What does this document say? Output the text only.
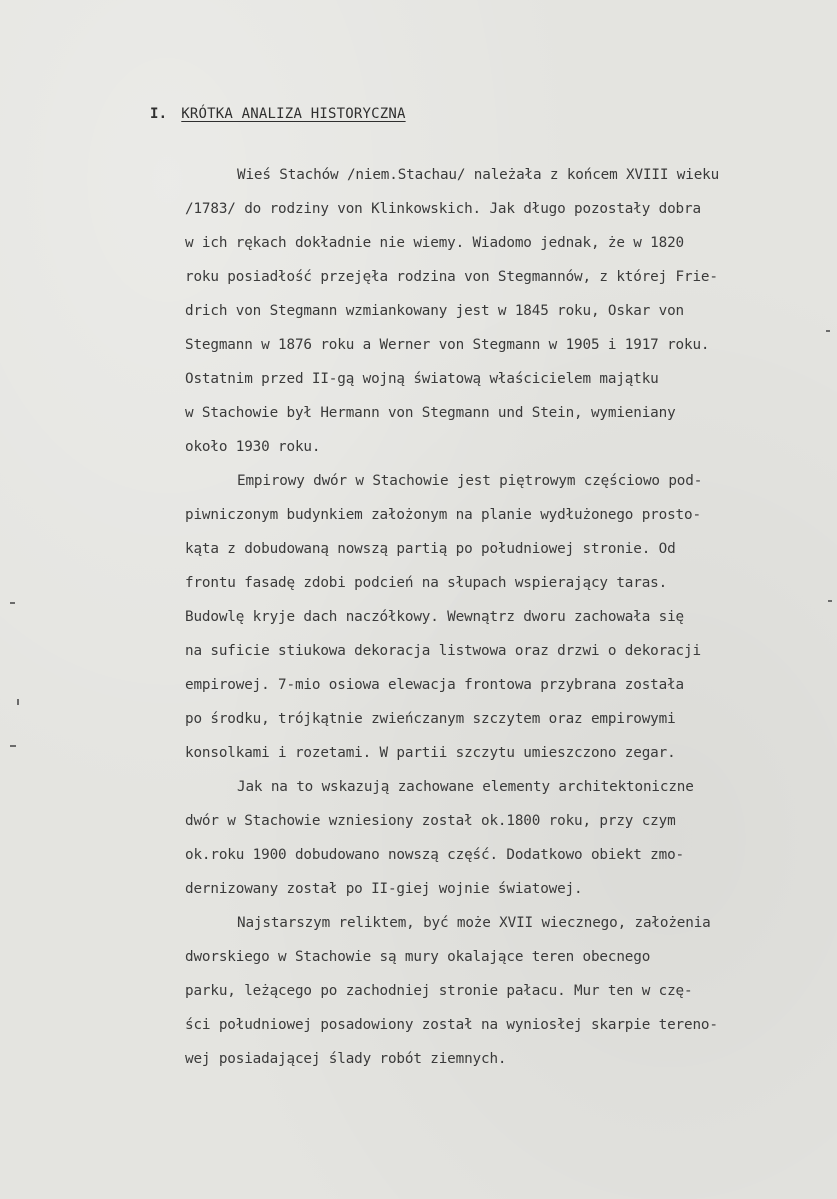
I. KRÓTKA ANALIZA HISTORYCZNA
Wieś Stachów /niem.Stachau/ należała z końcem XVIII wieku
/1783/ do rodziny von Klinkowskich. Jak długo pozostały dobra
w ich rękach dokładnie nie wiemy. Wiadomo jednak, że w 1820
roku posiadłość przejęła rodzina von Stegmannów, z której Frie-
drich von Stegmann wzmiankowany jest w 1845 roku, Oskar von
Stegmann w 1876 roku a Werner von Stegmann w 1905 i 1917 roku.
Ostatnim przed II-gą wojną światową właścicielem majątku
w Stachowie był Hermann von Stegmann und Stein, wymieniany
około 1930 roku.
Empirowy dwór w Stachowie jest piętrowym częściowo pod-
piwniczonym budynkiem założonym na planie wydłużonego prosto-
kąta z dobudowaną nowszą partią po południowej stronie. Od
frontu fasadę zdobi podcień na słupach wspierający taras.
Budowlę kryje dach naczółkowy. Wewnątrz dworu zachowała się
na suficie stiukowa dekoracja listwowa oraz drzwi o dekoracji
empirowej. 7-mio osiowa elewacja frontowa przybrana została
po środku, trójkątnie zwieńczanym szczytem oraz empirowymi
konsolkami i rozetami. W partii szczytu umieszczono zegar.
Jak na to wskazują zachowane elementy architektoniczne
dwór w Stachowie wzniesiony został ok.1800 roku, przy czym
ok.roku 1900 dobudowano nowszą część. Dodatkowo obiekt zmo-
dernizowany został po II-giej wojnie światowej.
Najstarszym reliktem, być może XVII wiecznego, założenia
dworskiego w Stachowie są mury okalające teren obecnego
parku, leżącego po zachodniej stronie pałacu. Mur ten w czę-
ści południowej posadowiony został na wyniosłej skarpie tereno-
wej posiadającej ślady robót ziemnych.
